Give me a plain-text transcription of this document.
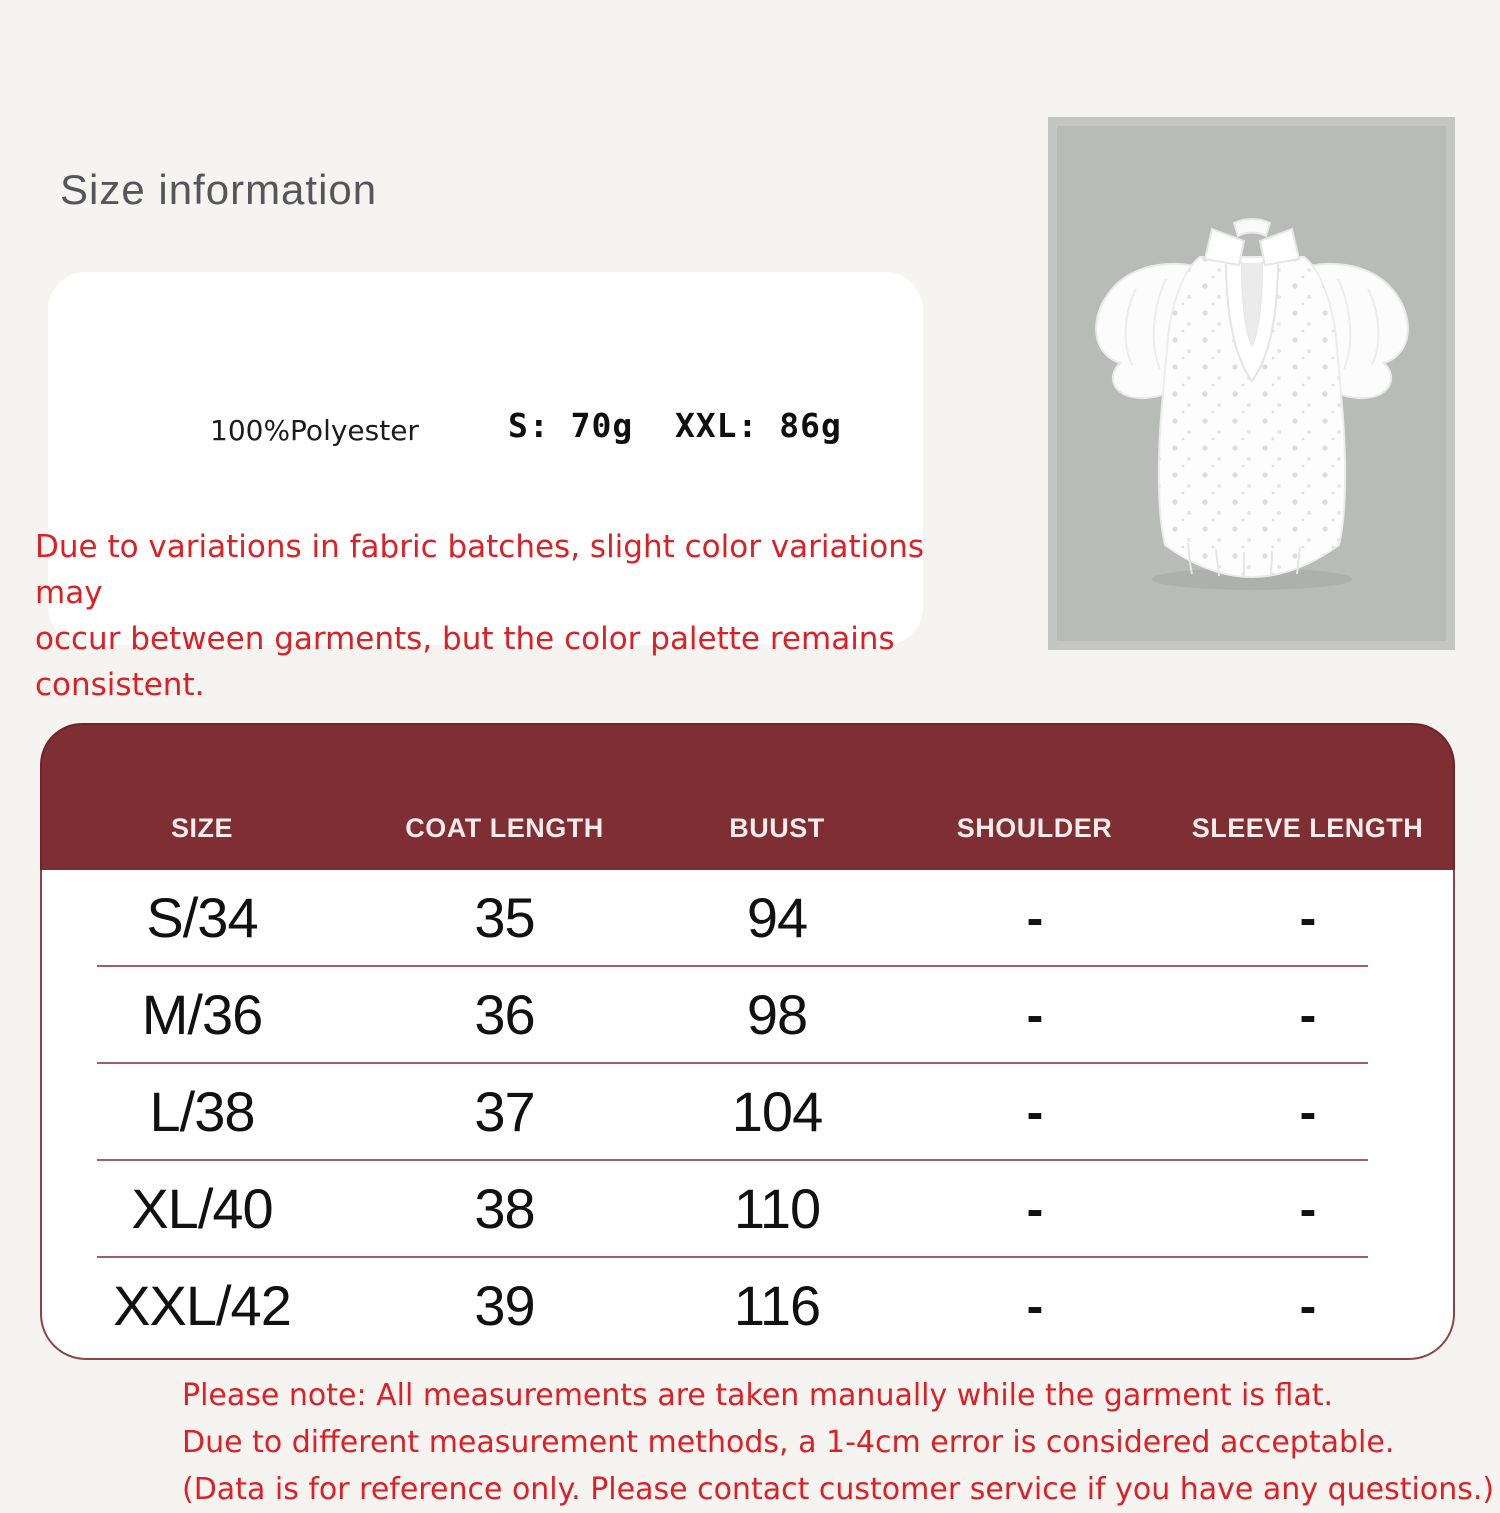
Size information
100%Polyester	S: 70g  XXL: 86g
Due to variations in fabric batches, slight color variations may
occur between garments, but the color palette remains consistent.
SIZE	COAT LENGTH	BUUST	SHOULDER	SLEEVE LENGTH
S/34	35	94	-	-
M/36	36	98	-	-
L/38	37	104	-	-
XL/40	38	110	-	-
XXL/42	39	116	-	-
Please note: All measurements are taken manually while the garment is flat.
Due to different measurement methods, a 1-4cm error is considered acceptable.
(Data is for reference only. Please contact customer service if you have any questions.)
